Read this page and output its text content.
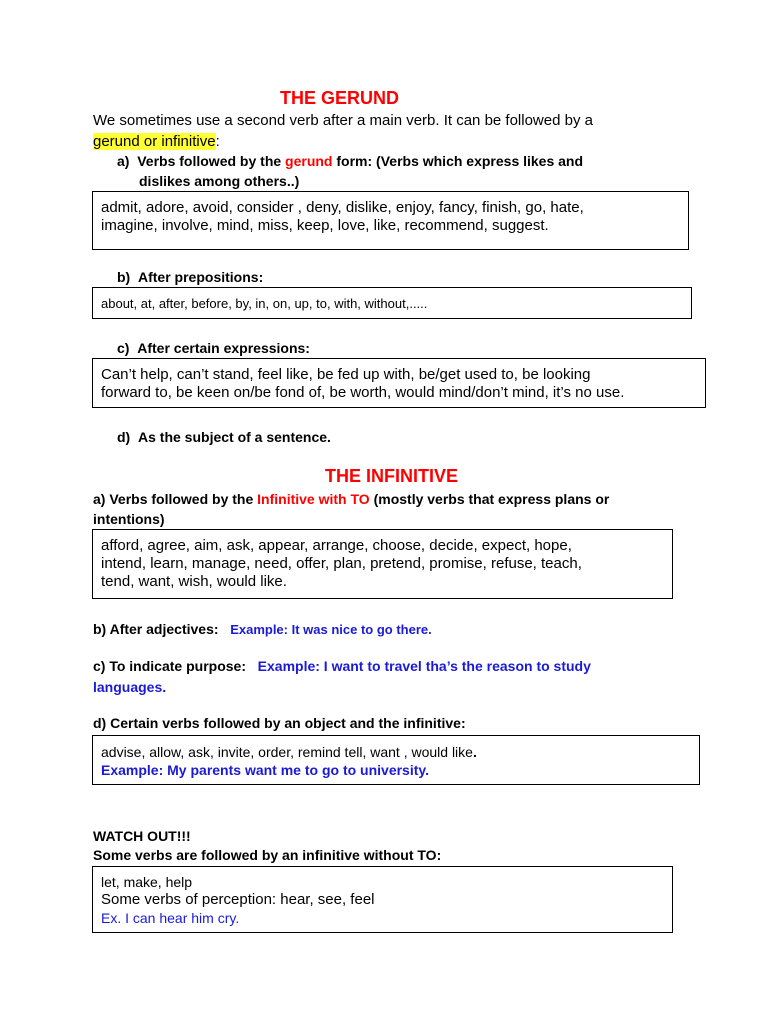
THE GERUND
We sometimes use a second verb after a main verb. It can be followed by a
gerund or infinitive:
a) Verbs followed by the gerund form: (Verbs which express likes and
dislikes among others..)
admit, adore, avoid, consider , deny, dislike, enjoy, fancy, finish, go, hate,
imagine, involve, mind, miss, keep, love, like, recommend, suggest.
b) After prepositions:
about, at, after, before, by, in, on, up, to, with, without,.....
c) After certain expressions:
Can’t help, can’t stand, feel like, be fed up with, be/get used to, be looking
forward to, be keen on/be fond of, be worth, would mind/don’t mind, it’s no use.
d) As the subject of a sentence.
THE INFINITIVE
a) Verbs followed by the Infinitive with TO (mostly verbs that express plans or
intentions)
afford, agree, aim, ask, appear, arrange, choose, decide, expect, hope,
intend, learn, manage, need, offer, plan, pretend, promise, refuse, teach,
tend, want, wish, would like.
b) After adjectives: Example: It was nice to go there.
c) To indicate purpose: Example: I want to travel tha’s the reason to study
languages.
d) Certain verbs followed by an object and the infinitive:
advise, allow, ask, invite, order, remind tell, want , would like.
Example: My parents want me to go to university.
WATCH OUT!!!
Some verbs are followed by an infinitive without TO:
let, make, help
Some verbs of perception: hear, see, feel
Ex. I can hear him cry.
